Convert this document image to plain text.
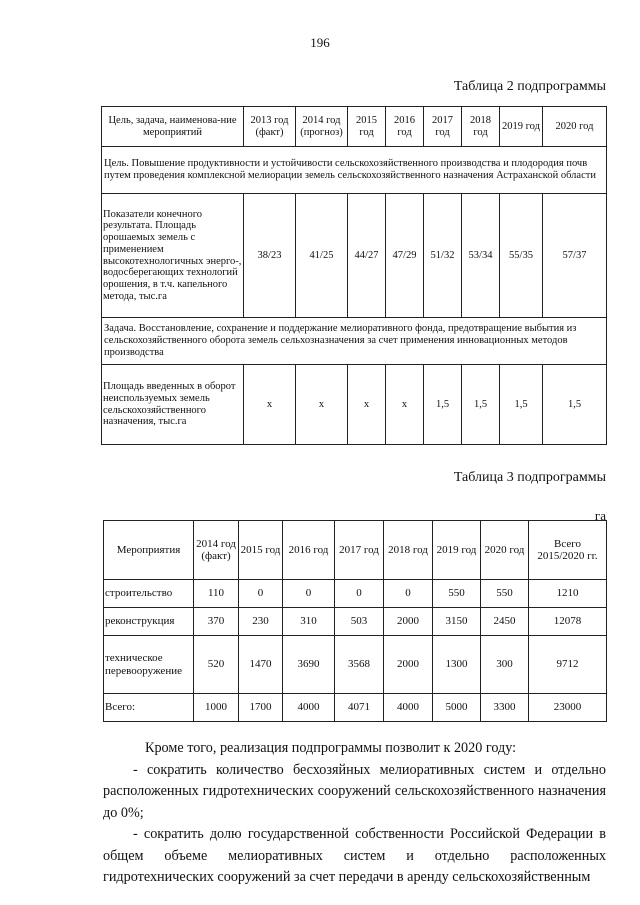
196
Таблица 2 подпрограммы
Цель, задача, наименова-ние мероприятий	2013 год (факт)	2014 год (прогноз)	2015 год	2016 год	2017 год	2018 год	2019 год	2020 год
Цель. Повышение продуктивности и устойчивости сельскохозяйственного производства и плодородия почв путем проведения комплексной мелиорации земель сельскохозяйственного назначения Астраханской области								
Показатели конечного результата. Площадь орошаемых земель с применением высокотехнологичных энерго-, водосберегающих технологий орошения, в т.ч. капельного метода, тыс.га	38/23	41/25	44/27	47/29	51/32	53/34	55/35	57/37
Задача. Восстановление, сохранение и поддержание мелиоративного фонда, предотвращение выбытия из сельскохозяйственного оборота земель сельхозназначения за счет применения инновационных методов производства								
Площадь введенных в оборот неиспользуемых земель сельскохозяйственного назначения, тыс.га	x	x	x	x	1,5	1,5	1,5	1,5
Таблица 3 подпрограммы
га
Мероприятия	2014 год (факт)	2015 год	2016 год	2017 год	2018 год	2019 год	2020 год	Всего 2015/2020 гг.
строительство	110	0	0	0	0	550	550	1210
реконструкция	370	230	310	503	2000	3150	2450	12078
техническое перевооружение	520	1470	3690	3568	2000	1300	300	9712
Всего:	1000	1700	4000	4071	4000	5000	3300	23000

Кроме того, реализация подпрограммы позволит к 2020 году:

- сократить количество бесхозяйных мелиоративных систем и отдельно расположенных гидротехнических сооружений сельскохозяйственного назначения до 0%;

- сократить долю государственной собственности Российской Федерации в общем объеме мелиоративных систем и отдельно расположенных гидротехнических сооружений за счет передачи в аренду сельскохозяйственным
